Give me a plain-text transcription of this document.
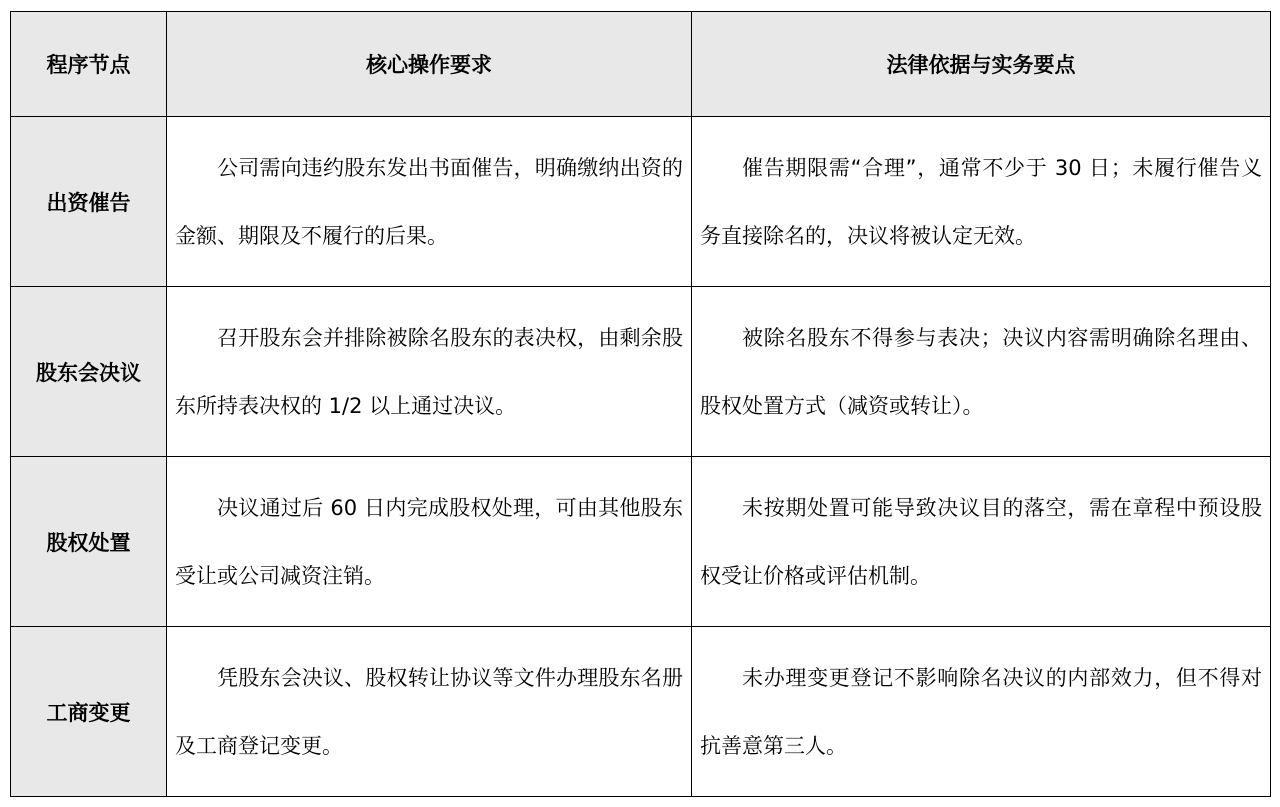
程序节点	核心操作要求	法律依据与实务要点
出资催告	公司需向违约股东发出书面催告，明确缴纳出资的金额、期限及不履行的后果。	催告期限需“合理”，通常不少于 30 日；未履行催告义务直接除名的，决议将被认定无效。
股东会决议	召开股东会并排除被除名股东的表决权，由剩余股东所持表决权的 1/2 以上通过决议。	被除名股东不得参与表决；决议内容需明确除名理由、股权处置方式（减资或转让）。
股权处置	决议通过后 60 日内完成股权处理，可由其他股东受让或公司减资注销。	未按期处置可能导致决议目的落空，需在章程中预设股权受让价格或评估机制。
工商变更	凭股东会决议、股权转让协议等文件办理股东名册及工商登记变更。	未办理变更登记不影响除名决议的内部效力，但不得对抗善意第三人。
